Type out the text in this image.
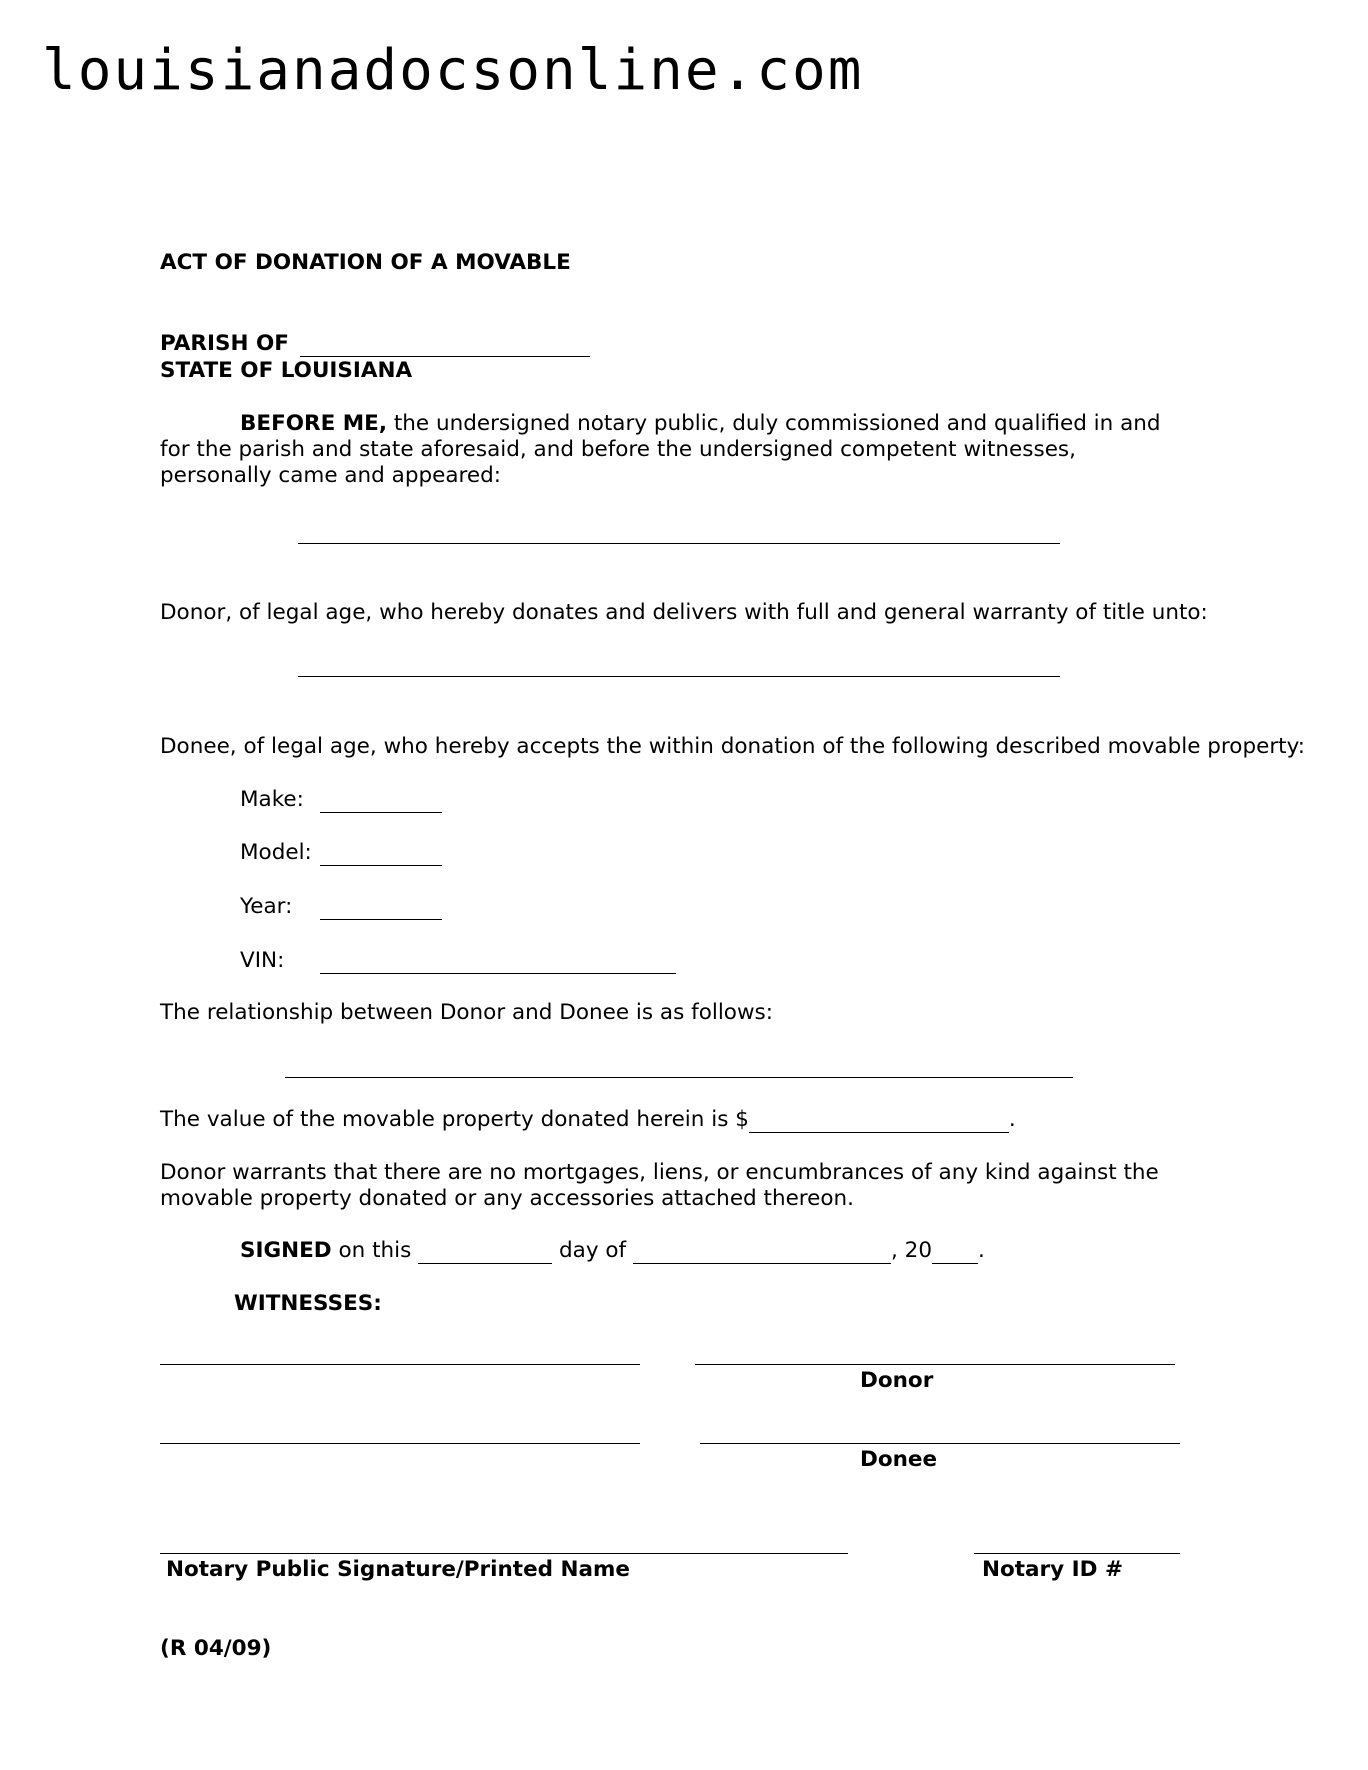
louisianadocsonline.com
ACT OF DONATION OF A MOVABLE
PARISH OF
STATE OF LOUISIANA
BEFORE ME, the undersigned notary public, duly commissioned and qualified in and for the parish and state aforesaid, and before the undersigned competent witnesses, personally came and appeared:
Donor, of legal age, who hereby donates and delivers with full and general warranty of title unto:
Donee, of legal age, who hereby accepts the within donation of the following described movable property:
Make:
Model:
Year:
VIN:
The relationship between Donor and Donee is as follows:
The value of the movable property donated herein is $	.
Donor warrants that there are no mortgages, liens, or encumbrances of any kind against the movable property donated or any accessories attached thereon.
SIGNED on this	day of	, 20 .
WITNESSES:
Donor
Donee
Notary Public Signature/Printed Name	Notary ID #
(R 04/09)
